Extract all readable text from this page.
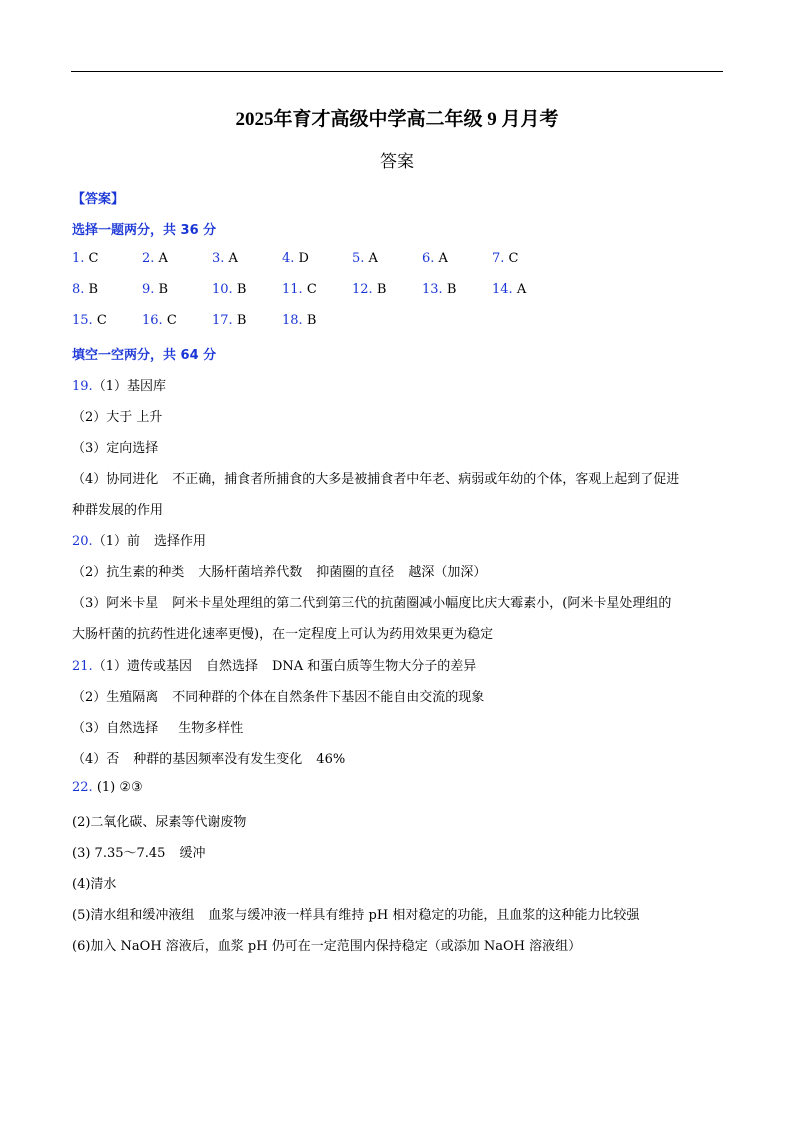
2025年育才高级中学高二年级 9 月月考
答案
【答案】
选择一题两分，共 36 分
1. C	2. A	3. A	4. D	5. A	6. A	7. C
8. B	9. B	10. B	11. C	12. B	13. B	14. A
15. C	16. C	17. B	18. B
填空一空两分，共 64 分
19.（1）基因库
（2）大于 上升
（3）定向选择
（4）协同进化 不正确，捕食者所捕食的大多是被捕食者中年老、病弱或年幼的个体，客观上起到了促进
种群发展的作用
20.（1）前 选择作用
（2）抗生素的种类 大肠杆菌培养代数 抑菌圈的直径 越深（加深）
（3）阿米卡星 阿米卡星处理组的第二代到第三代的抗菌圈减小幅度比庆大霉素小，(阿米卡星处理组的
大肠杆菌的抗药性进化速率更慢)，在一定程度上可认为药用效果更为稳定
21.（1）遗传或基因 自然选择 DNA 和蛋白质等生物大分子的差异
（2）生殖隔离 不同种群的个体在自然条件下基因不能自由交流的现象
（3）自然选择 生物多样性
（4）否 种群的基因频率没有发生变化 46%
22. (1) ②③
(2)二氧化碳、尿素等代谢废物
(3) 7.35～7.45 缓冲
(4)清水
(5)清水组和缓冲液组 血浆与缓冲液一样具有维持 pH 相对稳定的功能，且血浆的这种能力比较强
(6)加入 NaOH 溶液后，血浆 pH 仍可在一定范围内保持稳定（或添加 NaOH 溶液组）
